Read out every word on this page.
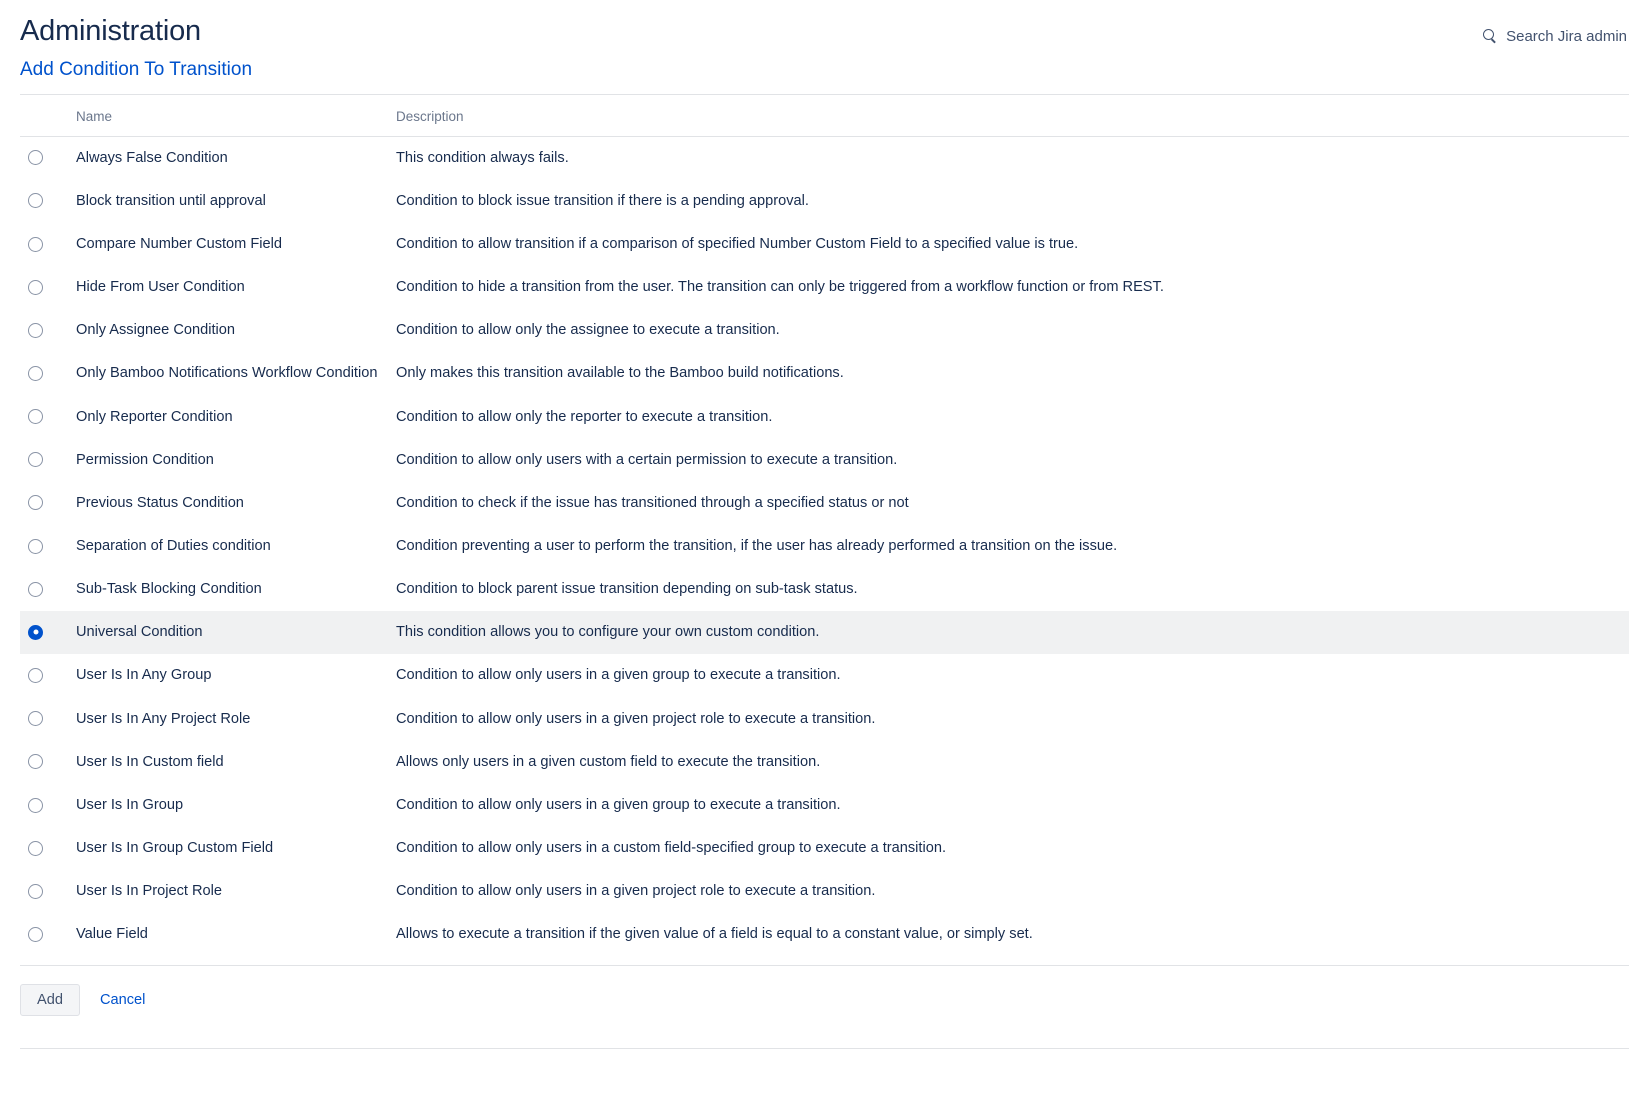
Administration	Search Jira admin
Add Condition To Transition
	Name	Description
	Always False Condition	This condition always fails.
	Block transition until approval	Condition to block issue transition if there is a pending approval.
	Compare Number Custom Field	Condition to allow transition if a comparison of specified Number Custom Field to a specified value is true.
	Hide From User Condition	Condition to hide a transition from the user. The transition can only be triggered from a workflow function or from REST.
	Only Assignee Condition	Condition to allow only the assignee to execute a transition.
	Only Bamboo Notifications Workflow Condition	Only makes this transition available to the Bamboo build notifications.
	Only Reporter Condition	Condition to allow only the reporter to execute a transition.
	Permission Condition	Condition to allow only users with a certain permission to execute a transition.
	Previous Status Condition	Condition to check if the issue has transitioned through a specified status or not
	Separation of Duties condition	Condition preventing a user to perform the transition, if the user has already performed a transition on the issue.
	Sub-Task Blocking Condition	Condition to block parent issue transition depending on sub-task status.
	Universal Condition	This condition allows you to configure your own custom condition.
	User Is In Any Group	Condition to allow only users in a given group to execute a transition.
	User Is In Any Project Role	Condition to allow only users in a given project role to execute a transition.
	User Is In Custom field	Allows only users in a given custom field to execute the transition.
	User Is In Group	Condition to allow only users in a given group to execute a transition.
	User Is In Group Custom Field	Condition to allow only users in a custom field-specified group to execute a transition.
	User Is In Project Role	Condition to allow only users in a given project role to execute a transition.
	Value Field	Allows to execute a transition if the given value of a field is equal to a constant value, or simply set.
Add	Cancel
